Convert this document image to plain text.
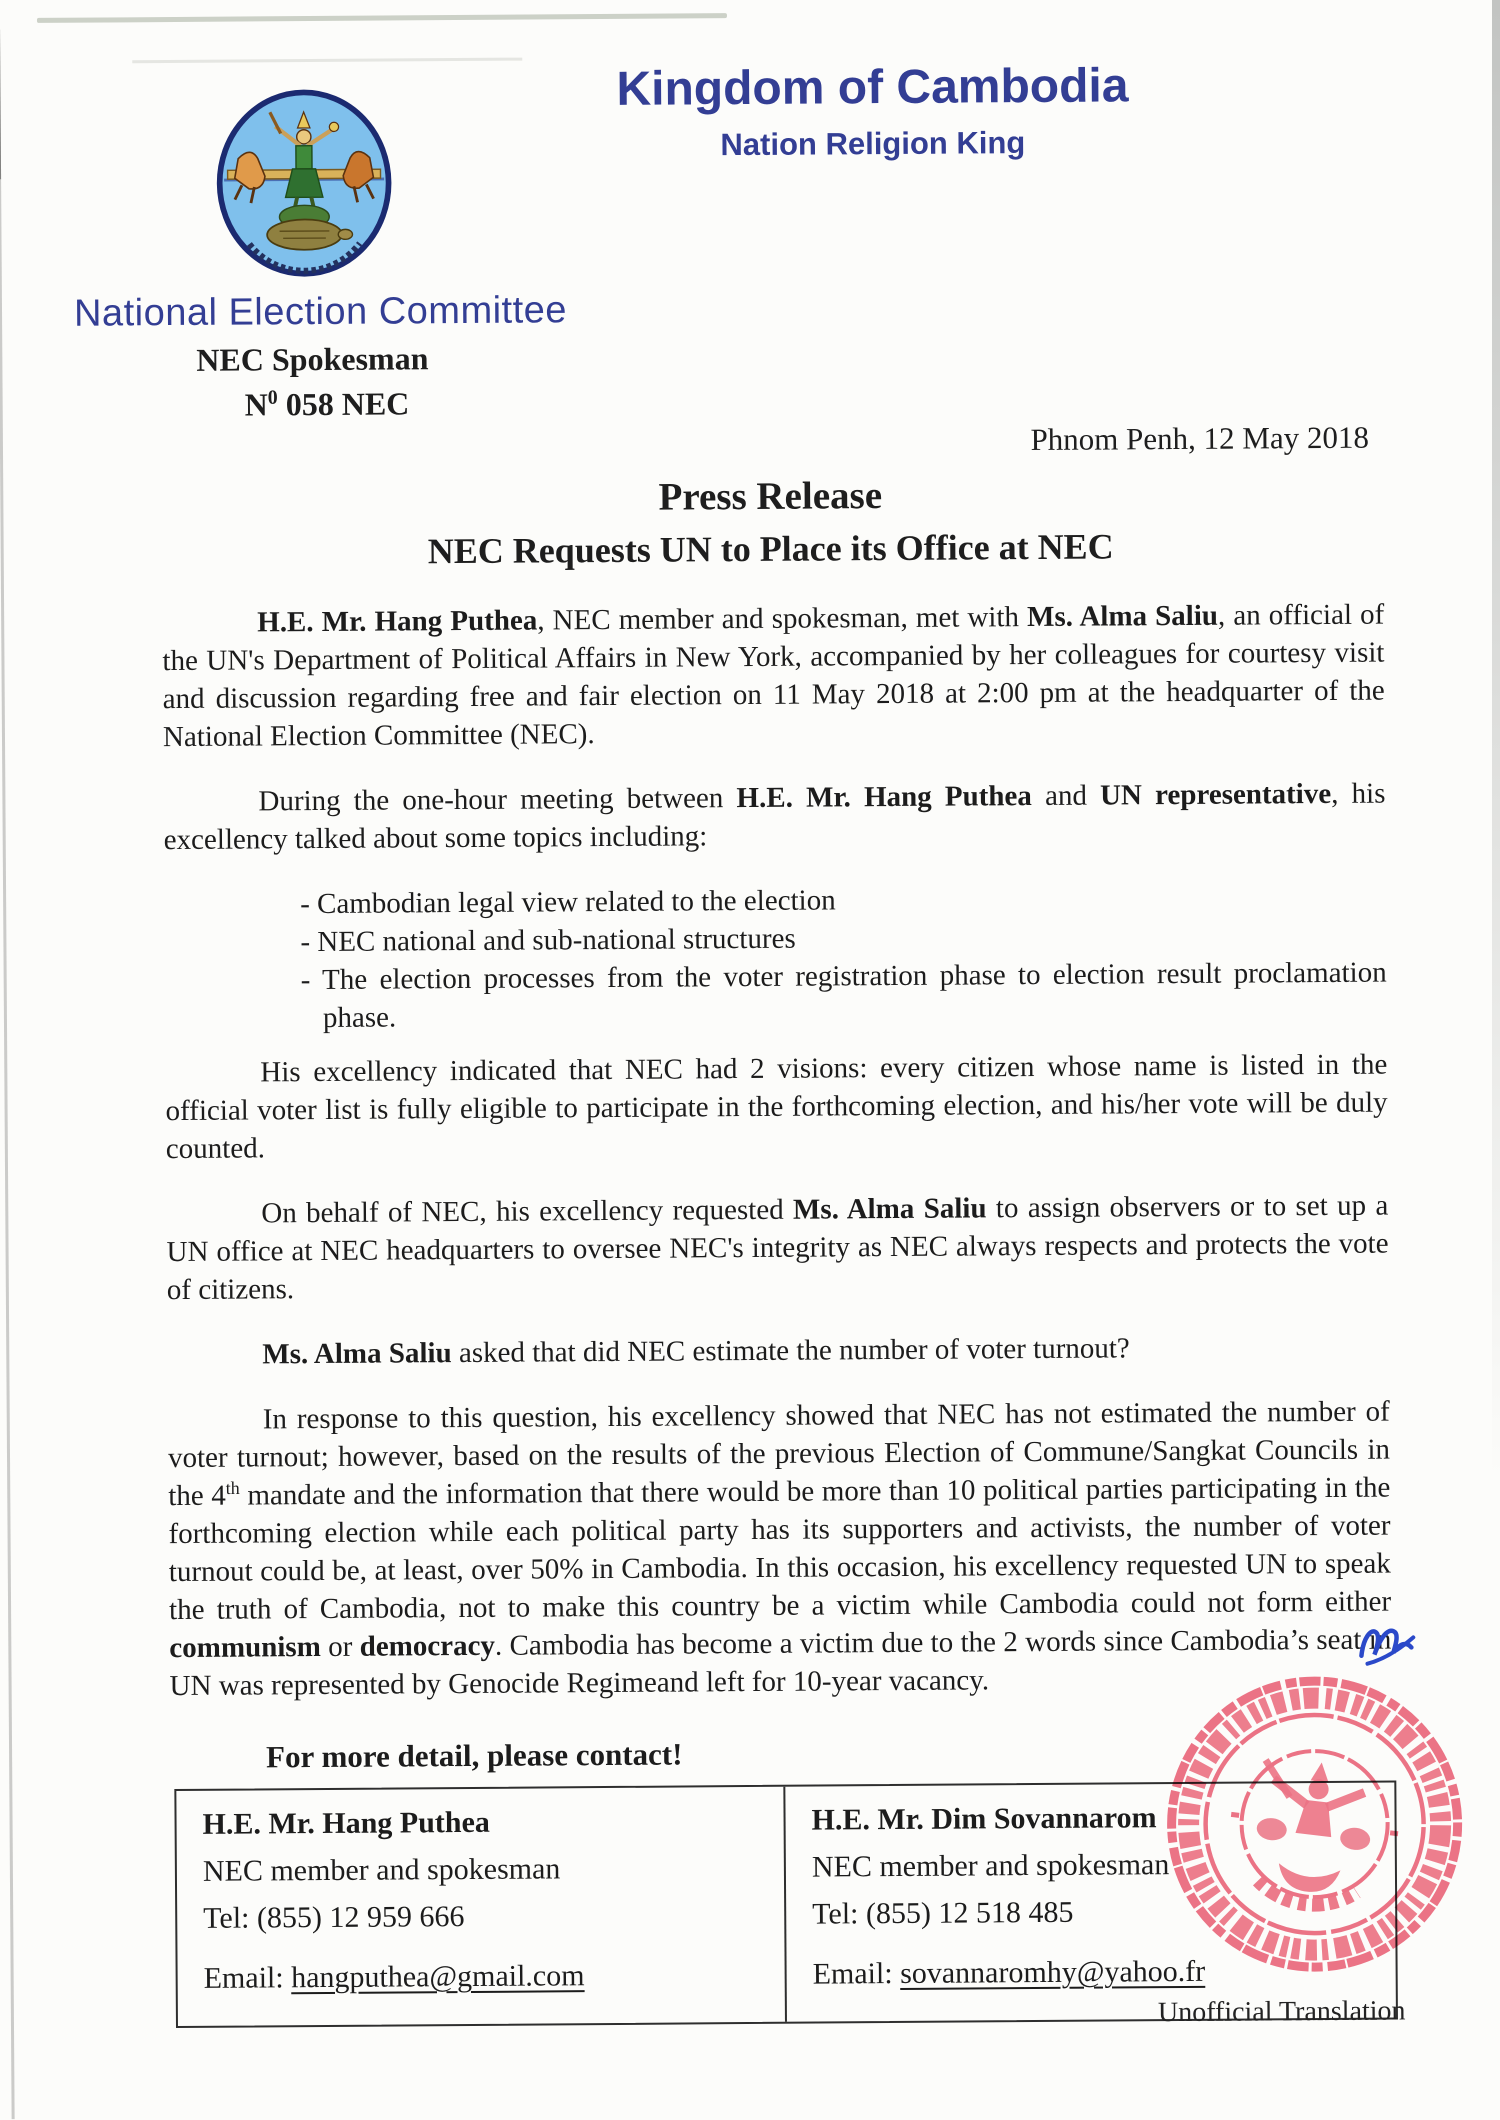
Kingdom of Cambodia
Nation Religion King
National Election Committee
NEC Spokesman
$N^0$ 058 NEC
Phnom Penh, 12 May 2018
Press Release
NEC Requests UN to Place its Office at NEC

H.E. Mr. Hang Puthea, NEC member and spokesman, met with Ms. Alma Saliu, an official of the UN's Department of Political Affairs in New York, accompanied by her colleagues for courtesy visit and discussion regarding free and fair election on 11 May 2018 at 2:00 pm at the headquarter of the National Election Committee (NEC).

During the one-hour meeting between H.E. Mr. Hang Puthea and UN representative, his excellency talked about some topics including:

- Cambodian legal view related to the election
- NEC national and sub-national structures
- The election processes from the voter registration phase to election result proclamation phase.

His excellency indicated that NEC had 2 visions: every citizen whose name is listed in the official voter list is fully eligible to participate in the forthcoming election, and his/her vote will be duly counted.

On behalf of NEC, his excellency requested Ms. Alma Saliu to assign observers or to set up a UN office at NEC headquarters to oversee NEC's integrity as NEC always respects and protects the vote of citizens.

Ms. Alma Saliu asked that did NEC estimate the number of voter turnout?

In response to this question, his excellency showed that NEC has not estimated the number of voter turnout; however, based on the results of the previous Election of Commune/Sangkat Councils in the 4th mandate and the information that there would be more than 10 political parties participating in the forthcoming election while each political party has its supporters and activists, the number of voter turnout could be, at least, over 50% in Cambodia. In this occasion, his excellency requested UN to speak the truth of Cambodia, not to make this country be a victim while Cambodia could not form either communism or democracy. Cambodia has become a victim due to the 2 words since Cambodia’s seat in UN was represented by Genocide Regimeand left for 10-year vacancy.

For more detail, please contact!
H.E. Mr. Hang Puthea
NEC member and spokesman
Tel: (855) 12 959 666
Email: hangputhea@gmail.com
H.E. Mr. Dim Sovannarom
NEC member and spokesman
Tel: (855) 12 518 485
Email: sovannaromhy@yahoo.fr
Unofficial Translation
